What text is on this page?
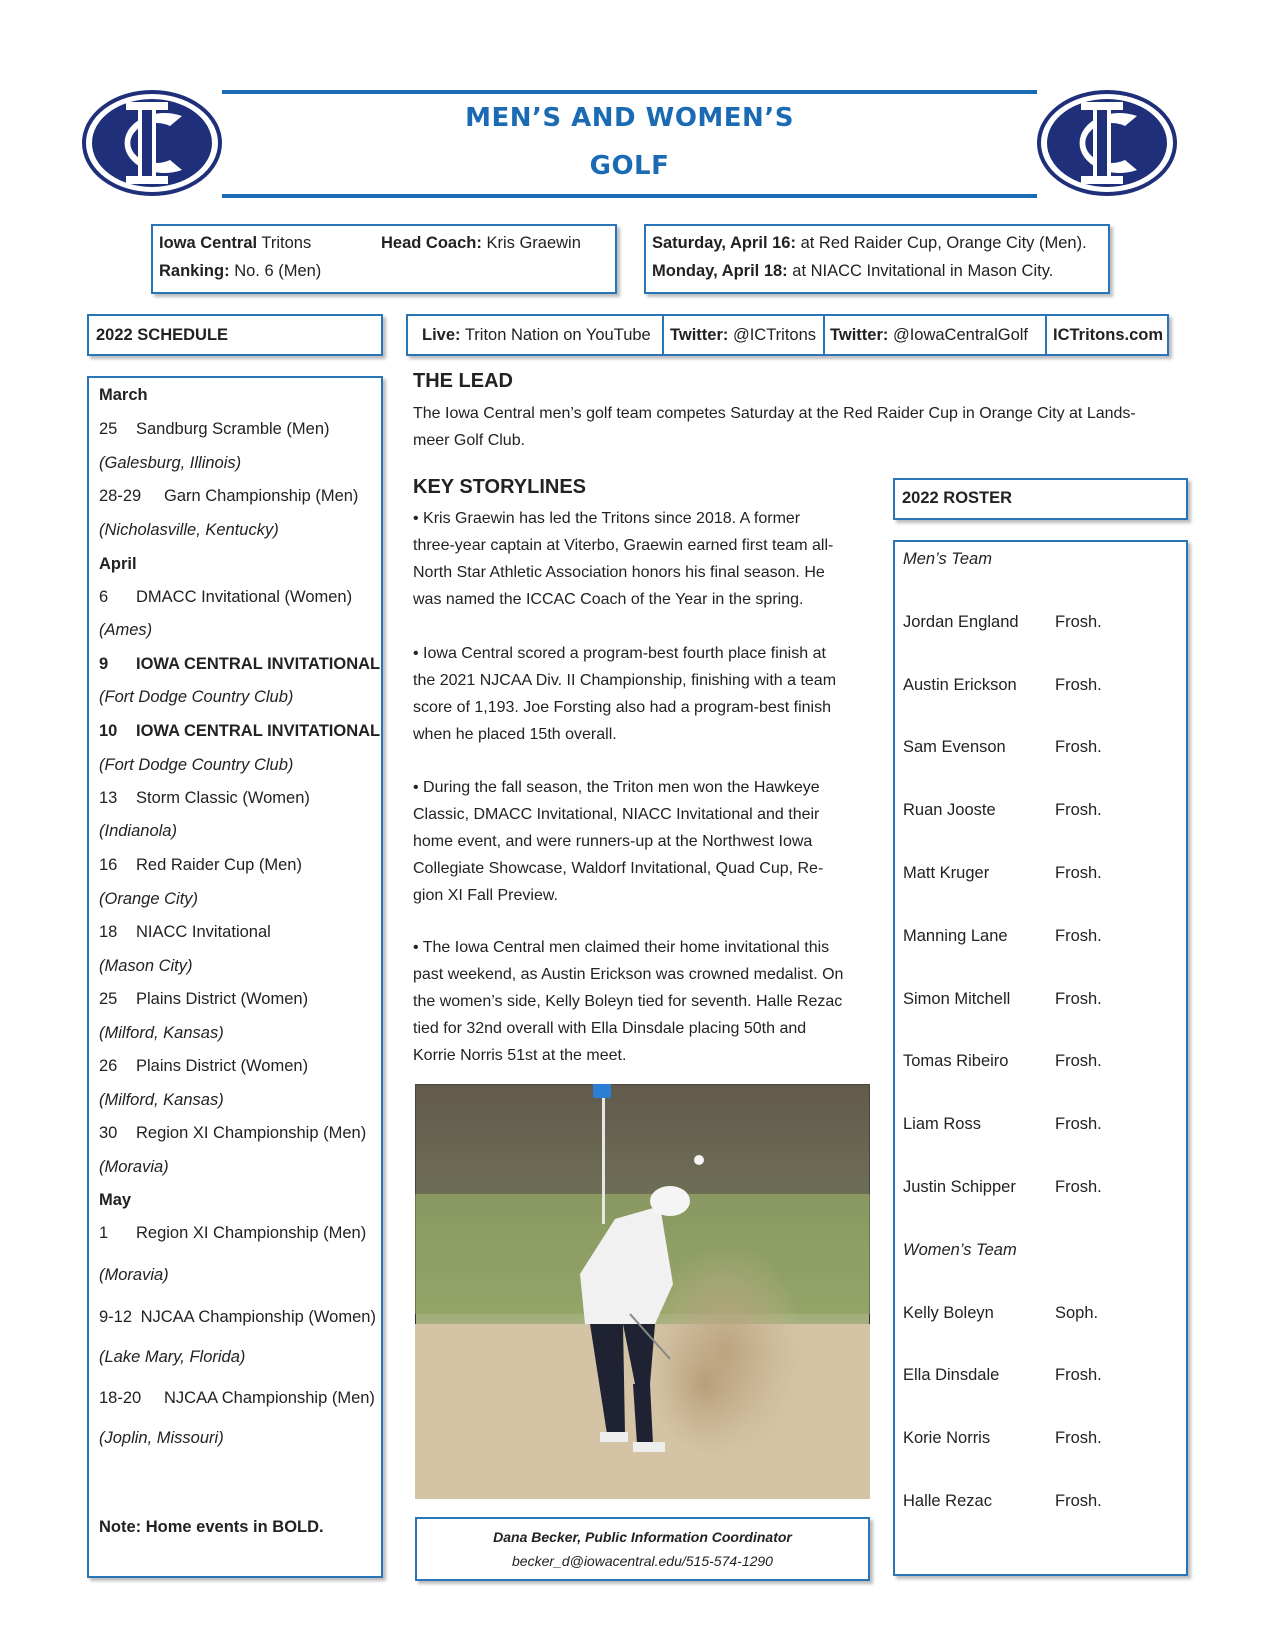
MEN’S AND WOMEN’S
GOLF
Iowa Central Tritons	Head Coach: Kris Graewin
Ranking: No. 6 (Men)
Saturday, April 16: at Red Raider Cup, Orange City (Men).
Monday, April 18: at NIACC Invitational in Mason City.
2022 SCHEDULE	Live: Triton Nation on YouTube Twitter: @ICTritons Twitter: @IowaCentralGolf ICTritons.com
Note: Home events in BOLD.
March
25 Sandburg Scramble (Men)
(Galesburg, Illinois)
28-29 Garn Championship (Men)
(Nicholasville, Kentucky)
April
6 DMACC Invitational (Women)
(Ames)
9 IOWA CENTRAL INVITATIONAL
(Fort Dodge Country Club)
10 IOWA CENTRAL INVITATIONAL
(Fort Dodge Country Club)
13 Storm Classic (Women)
(Indianola)
16 Red Raider Cup (Men)
(Orange City)
18 NIACC Invitational
(Mason City)
25 Plains District (Women)
(Milford, Kansas)
26 Plains District (Women)
(Milford, Kansas)
30 Region XI Championship (Men)
(Moravia)
May
1 Region XI Championship (Men)
(Moravia)
9-12 NJCAA Championship (Women)
(Lake Mary, Florida)
18-20 NJCAA Championship (Men)
(Joplin, Missouri)
THE LEAD
The Iowa Central men’s golf team competes Saturday at the Red Raider Cup in Orange City at Lands-
meer Golf Club.
KEY STORYLINES
• Kris Graewin has led the Tritons since 2018. A former
three-year captain at Viterbo, Graewin earned first team all-
North Star Athletic Association honors his final season. He
was named the ICCAC Coach of the Year in the spring.
• Iowa Central scored a program-best fourth place finish at
the 2021 NJCAA Div. II Championship, finishing with a team
score of 1,193. Joe Forsting also had a program-best finish
when he placed 15th overall.
• During the fall season, the Triton men won the Hawkeye
Classic, DMACC Invitational, NIACC Invitational and their
home event, and were runners-up at the Northwest Iowa
Collegiate Showcase, Waldorf Invitational, Quad Cup, Re-
gion XI Fall Preview.
• The Iowa Central men claimed their home invitational this
past weekend, as Austin Erickson was crowned medalist. On
the women’s side, Kelly Boleyn tied for seventh. Halle Rezac
tied for 32nd overall with Ella Dinsdale placing 50th and
Korrie Norris 51st at the meet.
Dana Becker, Public Information Coordinator
becker_d@iowacentral.edu/515-574-1290
2022 ROSTER
Men’s Team
Jordan England Frosh.
Austin Erickson Frosh.
Sam Evenson	Frosh.
Ruan Jooste	Frosh.
Matt Kruger	Frosh.
Manning Lane	Frosh.
Simon Mitchell	Frosh.
Tomas Ribeiro	Frosh.
Liam Ross	Frosh.
Justin Schipper Frosh.
Women’s Team
Kelly Boleyn	Soph.
Ella Dinsdale	Frosh.
Korie Norris	Frosh.
Halle Rezac	Frosh.
